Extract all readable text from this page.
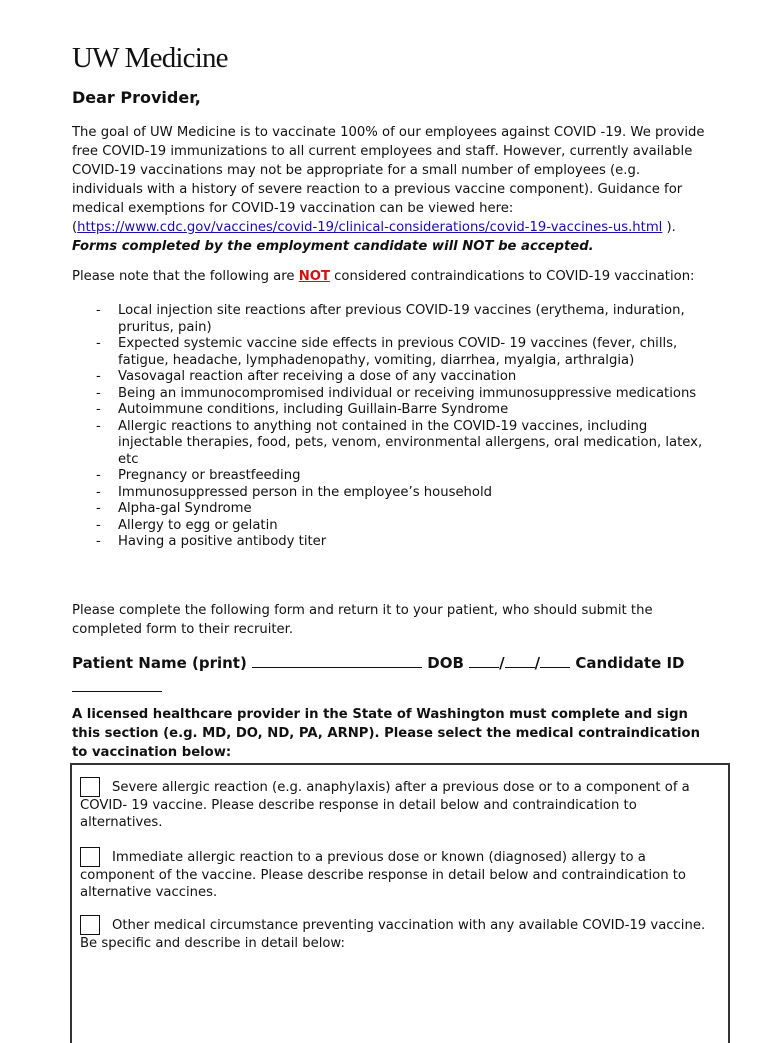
UW Medicine
Dear Provider,
The goal of UW Medicine is to vaccinate 100% of our employees against COVID -19. We provide free COVID-19 immunizations to all current employees and staff. However, currently available COVID-19 vaccinations may not be appropriate for a small number of employees (e.g. individuals with a history of severe reaction to a previous vaccine component). Guidance for medical exemptions for COVID-19 vaccination can be viewed here: (https://www.cdc.gov/vaccines/covid-19/clinical-considerations/covid-19-vaccines-us.html ). Forms completed by the employment candidate will NOT be accepted.
Please note that the following are NOT considered contraindications to COVID-19 vaccination:
- Local injection site reactions after previous COVID-19 vaccines (erythema, induration, pruritus, pain)
- Expected systemic vaccine side effects in previous COVID- 19 vaccines (fever, chills, fatigue, headache, lymphadenopathy, vomiting, diarrhea, myalgia, arthralgia)
- Vasovagal reaction after receiving a dose of any vaccination
- Being an immunocompromised individual or receiving immunosuppressive medications
- Autoimmune conditions, including Guillain-Barre Syndrome
- Allergic reactions to anything not contained in the COVID-19 vaccines, including injectable therapies, food, pets, venom, environmental allergens, oral medication, latex, etc
- Pregnancy or breastfeeding
- Immunosuppressed person in the employee’s household
- Alpha-gal Syndrome
- Allergy to egg or gelatin
- Having a positive antibody titer
Please complete the following form and return it to your patient, who should submit the completed form to their recruiter.
Patient Name (print)	DOB / / Candidate ID

A licensed healthcare provider in the State of Washington must complete and sign this section (e.g. MD, DO, ND, PA, ARNP). Please select the medical contraindication to vaccination below:
Severe allergic reaction (e.g. anaphylaxis) after a previous dose or to a component of a COVID- 19 vaccine. Please describe response in detail below and contraindication to alternatives.
Immediate allergic reaction to a previous dose or known (diagnosed) allergy to a component of the vaccine. Please describe response in detail below and contraindication to alternative vaccines.
Other medical circumstance preventing vaccination with any available COVID-19 vaccine. Be specific and describe in detail below:
